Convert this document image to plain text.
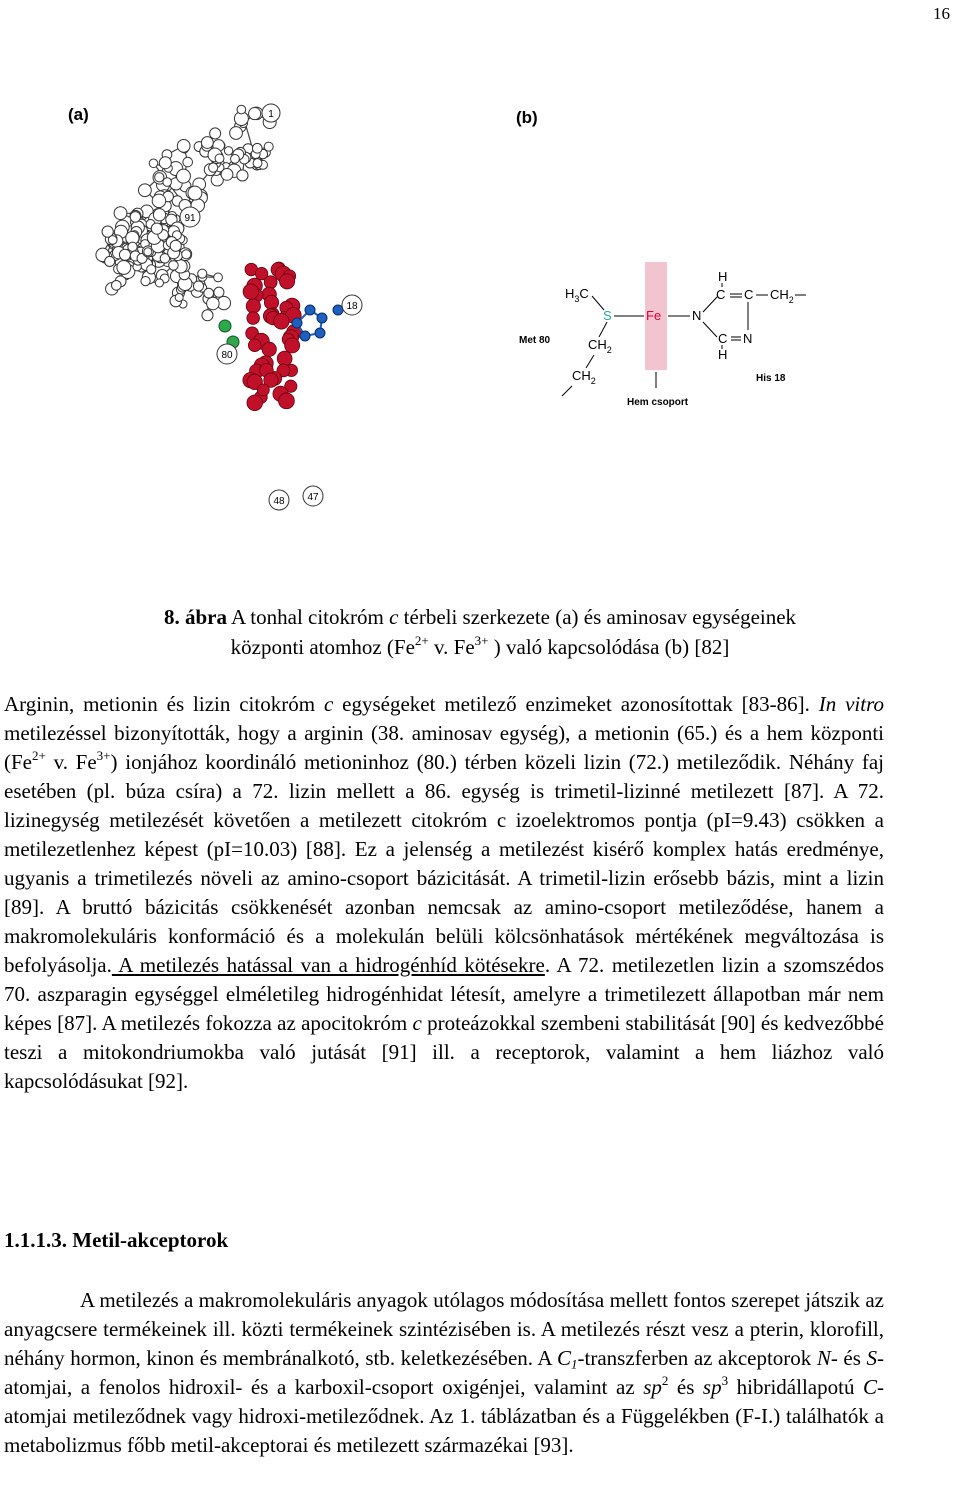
16
1
91
18
80
48 47
(a)	(b)
$H_3C$
S	Fe N
H
C C $CH_2$
N
C
H
$CH_2$
$CH_2$
Met 80
His 18
Hem csoport
8. ábra A tonhal citokróm c térbeli szerkezete (a) és aminosav egységeinek
központi atomhoz ($Fe^{2+}$ v. $Fe^{3+}$ ) való kapcsolódása (b) [82]

Arginin, metionin és lizin citokróm c egységeket metilező enzimeket azonosítottak [83-86]. In vitro metilezéssel bizonyították, hogy a arginin (38. aminosav egység), a metionin (65.) és a hem központi ($Fe^{2+}$ v. $Fe^{3+}$) ionjához koordináló metioninhoz (80.) térben közeli lizin (72.) metileződik. Néhány faj esetében (pl. búza csíra) a 72. lizin mellett a 86. egység is trimetil-lizinné metilezett [87]. A 72. lizinegység metilezését követően a metilezett citokróm c izoelektromos pontja (pI=9.43) csökken a metilezetlenhez képest (pI=10.03) [88]. Ez a jelenség a metilezést kisérő komplex hatás eredménye, ugyanis a trimetilezés növeli az amino-csoport bázicitását. A trimetil-lizin erősebb bázis, mint a lizin [89]. A bruttó bázicitás csökkenését azonban nemcsak az amino-csoport metileződése, hanem a makromolekuláris konformáció és a molekulán belüli kölcsönhatások mértékének megváltozása is befolyásolja. A metilezés hatással van a hidrogénhíd kötésekre. A 72. metilezetlen lizin a szomszédos 70. aszparagin egységgel elméletileg hidrogénhidat létesít, amelyre a trimetilezett állapotban már nem képes [87]. A metilezés fokozza az apocitokróm c proteázokkal szembeni stabilitását [90] és kedvezőbbé teszi a mitokondriumokba való jutását [91] ill. a receptorok, valamint a hem liázhoz való kapcsolódásukat [92].

1.1.1.3. Metil-akceptorok

A metilezés a makromolekuláris anyagok utólagos módosítása mellett fontos szerepet játszik az anyagcsere termékeinek ill. közti termékeinek szintézisében is. A metilezés részt vesz a pterin, klorofill, néhány hormon, kinon és membránalkotó, stb. keletkezésében. A $C_1$-transzferben az akceptorok N- és S-atomjai, a fenolos hidroxil- és a karboxil-csoport oxigénjei, valamint az $sp^2$ és $sp^3$ hibridállapotú C-atomjai metileződnek vagy hidroxi-metileződnek. Az 1. táblázatban és a Függelékben (F-I.) találhatók a metabolizmus főbb metil-akceptorai és metilezett származékai [93].
